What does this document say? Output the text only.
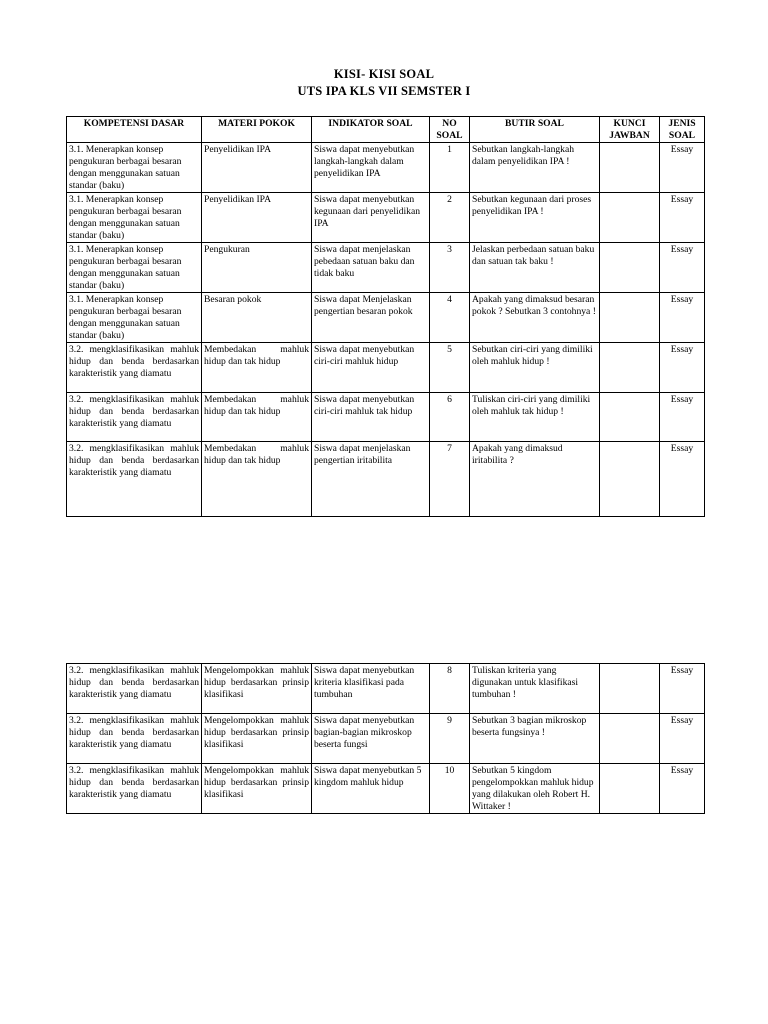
KISI- KISI SOAL
UTS IPA KLS VII SEMSTER I
KOMPETENSI DASAR	MATERI POKOK	INDIKATOR SOAL	NO SOAL	BUTIR SOAL	KUNCI JAWBAN	JENIS SOAL
3.1. Menerapkan konsep pengukuran berbagai besaran dengan menggunakan satuan standar (baku)	Penyelidikan IPA	Siswa dapat menyebutkan langkah-langkah dalam penyelidikan IPA	1	Sebutkan langkah-langkah dalam penyelidikan IPA !		Essay
3.1. Menerapkan konsep pengukuran berbagai besaran dengan menggunakan satuan standar (baku)	Penyelidikan IPA	Siswa dapat menyebutkan kegunaan dari penyelidikan IPA	2	Sebutkan kegunaan dari proses penyelidikan IPA !		Essay
3.1. Menerapkan konsep pengukuran berbagai besaran dengan menggunakan satuan standar (baku)	Pengukuran	Siswa dapat menjelaskan pebedaan satuan baku dan tidak baku	3	Jelaskan perbedaan satuan baku dan satuan tak baku !		Essay
3.1. Menerapkan konsep pengukuran berbagai besaran dengan menggunakan satuan standar (baku)	Besaran pokok	Siswa dapat Menjelaskan pengertian besaran pokok	4	Apakah yang dimaksud besaran pokok ? Sebutkan 3 contohnya !		Essay
3.2. mengklasifikasikan mahluk hidup dan benda berdasarkan karakteristik yang diamatu	Membedakan mahluk hidup dan tak hidup	Siswa dapat menyebutkan ciri-ciri mahluk hidup	5	Sebutkan ciri-ciri yang dimiliki oleh mahluk hidup !		Essay
3.2. mengklasifikasikan mahluk hidup dan benda berdasarkan karakteristik yang diamatu	Membedakan mahluk hidup dan tak hidup	Siswa dapat menyebutkan ciri-ciri mahluk tak hidup	6	Tuliskan ciri-ciri yang dimiliki oleh mahluk tak hidup !		Essay
3.2. mengklasifikasikan mahluk hidup dan benda berdasarkan karakteristik yang diamatu	Membedakan mahluk hidup dan tak hidup	Siswa dapat menjelaskan pengertian iritabilita	7	Apakah yang dimaksud iritabilita ?		Essay
3.2. mengklasifikasikan mahluk hidup dan benda berdasarkan karakteristik yang diamatu	Mengelompokkan mahluk hidup berdasarkan prinsip klasifikasi	Siswa dapat menyebutkan kriteria klasifikasi pada tumbuhan	8	Tuliskan kriteria yang digunakan untuk klasifikasi tumbuhan !		Essay
3.2. mengklasifikasikan mahluk hidup dan benda berdasarkan karakteristik yang diamatu	Mengelompokkan mahluk hidup berdasarkan prinsip klasifikasi	Siswa dapat menyebutkan bagian-bagian mikroskop beserta fungsi	9	Sebutkan 3 bagian mikroskop beserta fungsinya !		Essay
3.2. mengklasifikasikan mahluk hidup dan benda berdasarkan karakteristik yang diamatu	Mengelompokkan mahluk hidup berdasarkan prinsip klasifikasi	Siswa dapat menyebutkan 5 kingdom mahluk hidup	10	Sebutkan 5 kingdom pengelompokkan mahluk hidup yang dilakukan oleh Robert H. Wittaker !		Essay
